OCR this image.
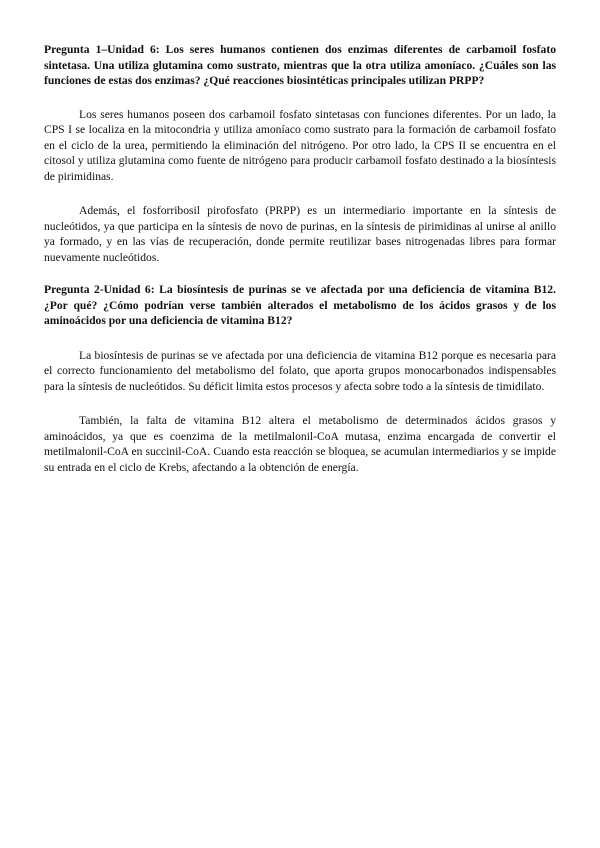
Pregunta 1–Unidad 6: Los seres humanos contienen dos enzimas diferentes de carbamoil fosfato sintetasa. Una utiliza glutamina como sustrato, mientras que la otra utiliza amoníaco. ¿Cuáles son las funciones de estas dos enzimas? ¿Qué reacciones biosintéticas principales utilizan PRPP?

Los seres humanos poseen dos carbamoil fosfato sintetasas con funciones diferentes. Por un lado, la CPS I se localiza en la mitocondria y utiliza amoníaco como sustrato para la formación de carbamoil fosfato en el ciclo de la urea, permitiendo la eliminación del nitrógeno. Por otro lado, la CPS II se encuentra en el citosol y utiliza glutamina como fuente de nitrógeno para producir carbamoil fosfato destinado a la biosíntesis de pirimidinas.

Además, el fosforribosil pirofosfato (PRPP) es un intermediario importante en la síntesis de nucleótidos, ya que participa en la síntesis de novo de purinas, en la síntesis de pirimidinas al unirse al anillo ya formado, y en las vías de recuperación, donde permite reutilizar bases nitrogenadas libres para formar nuevamente nucleótidos.

Pregunta 2-Unidad 6: La biosíntesis de purinas se ve afectada por una deficiencia de vitamina B12. ¿Por qué? ¿Cómo podrían verse también alterados el metabolismo de los ácidos grasos y de los aminoácidos por una deficiencia de vitamina B12?

La biosíntesis de purinas se ve afectada por una deficiencia de vitamina B12 porque es necesaria para el correcto funcionamiento del metabolismo del folato, que aporta grupos monocarbonados indispensables para la síntesis de nucleótidos. Su déficit limita estos procesos y afecta sobre todo a la síntesis de timidilato.

También, la falta de vitamina B12 altera el metabolismo de determinados ácidos grasos y aminoácidos, ya que es coenzima de la metilmalonil-CoA mutasa, enzima encargada de convertir el metilmalonil-CoA en succinil-CoA. Cuando esta reacción se bloquea, se acumulan intermediarios y se impide su entrada en el ciclo de Krebs, afectando a la obtención de energía.
